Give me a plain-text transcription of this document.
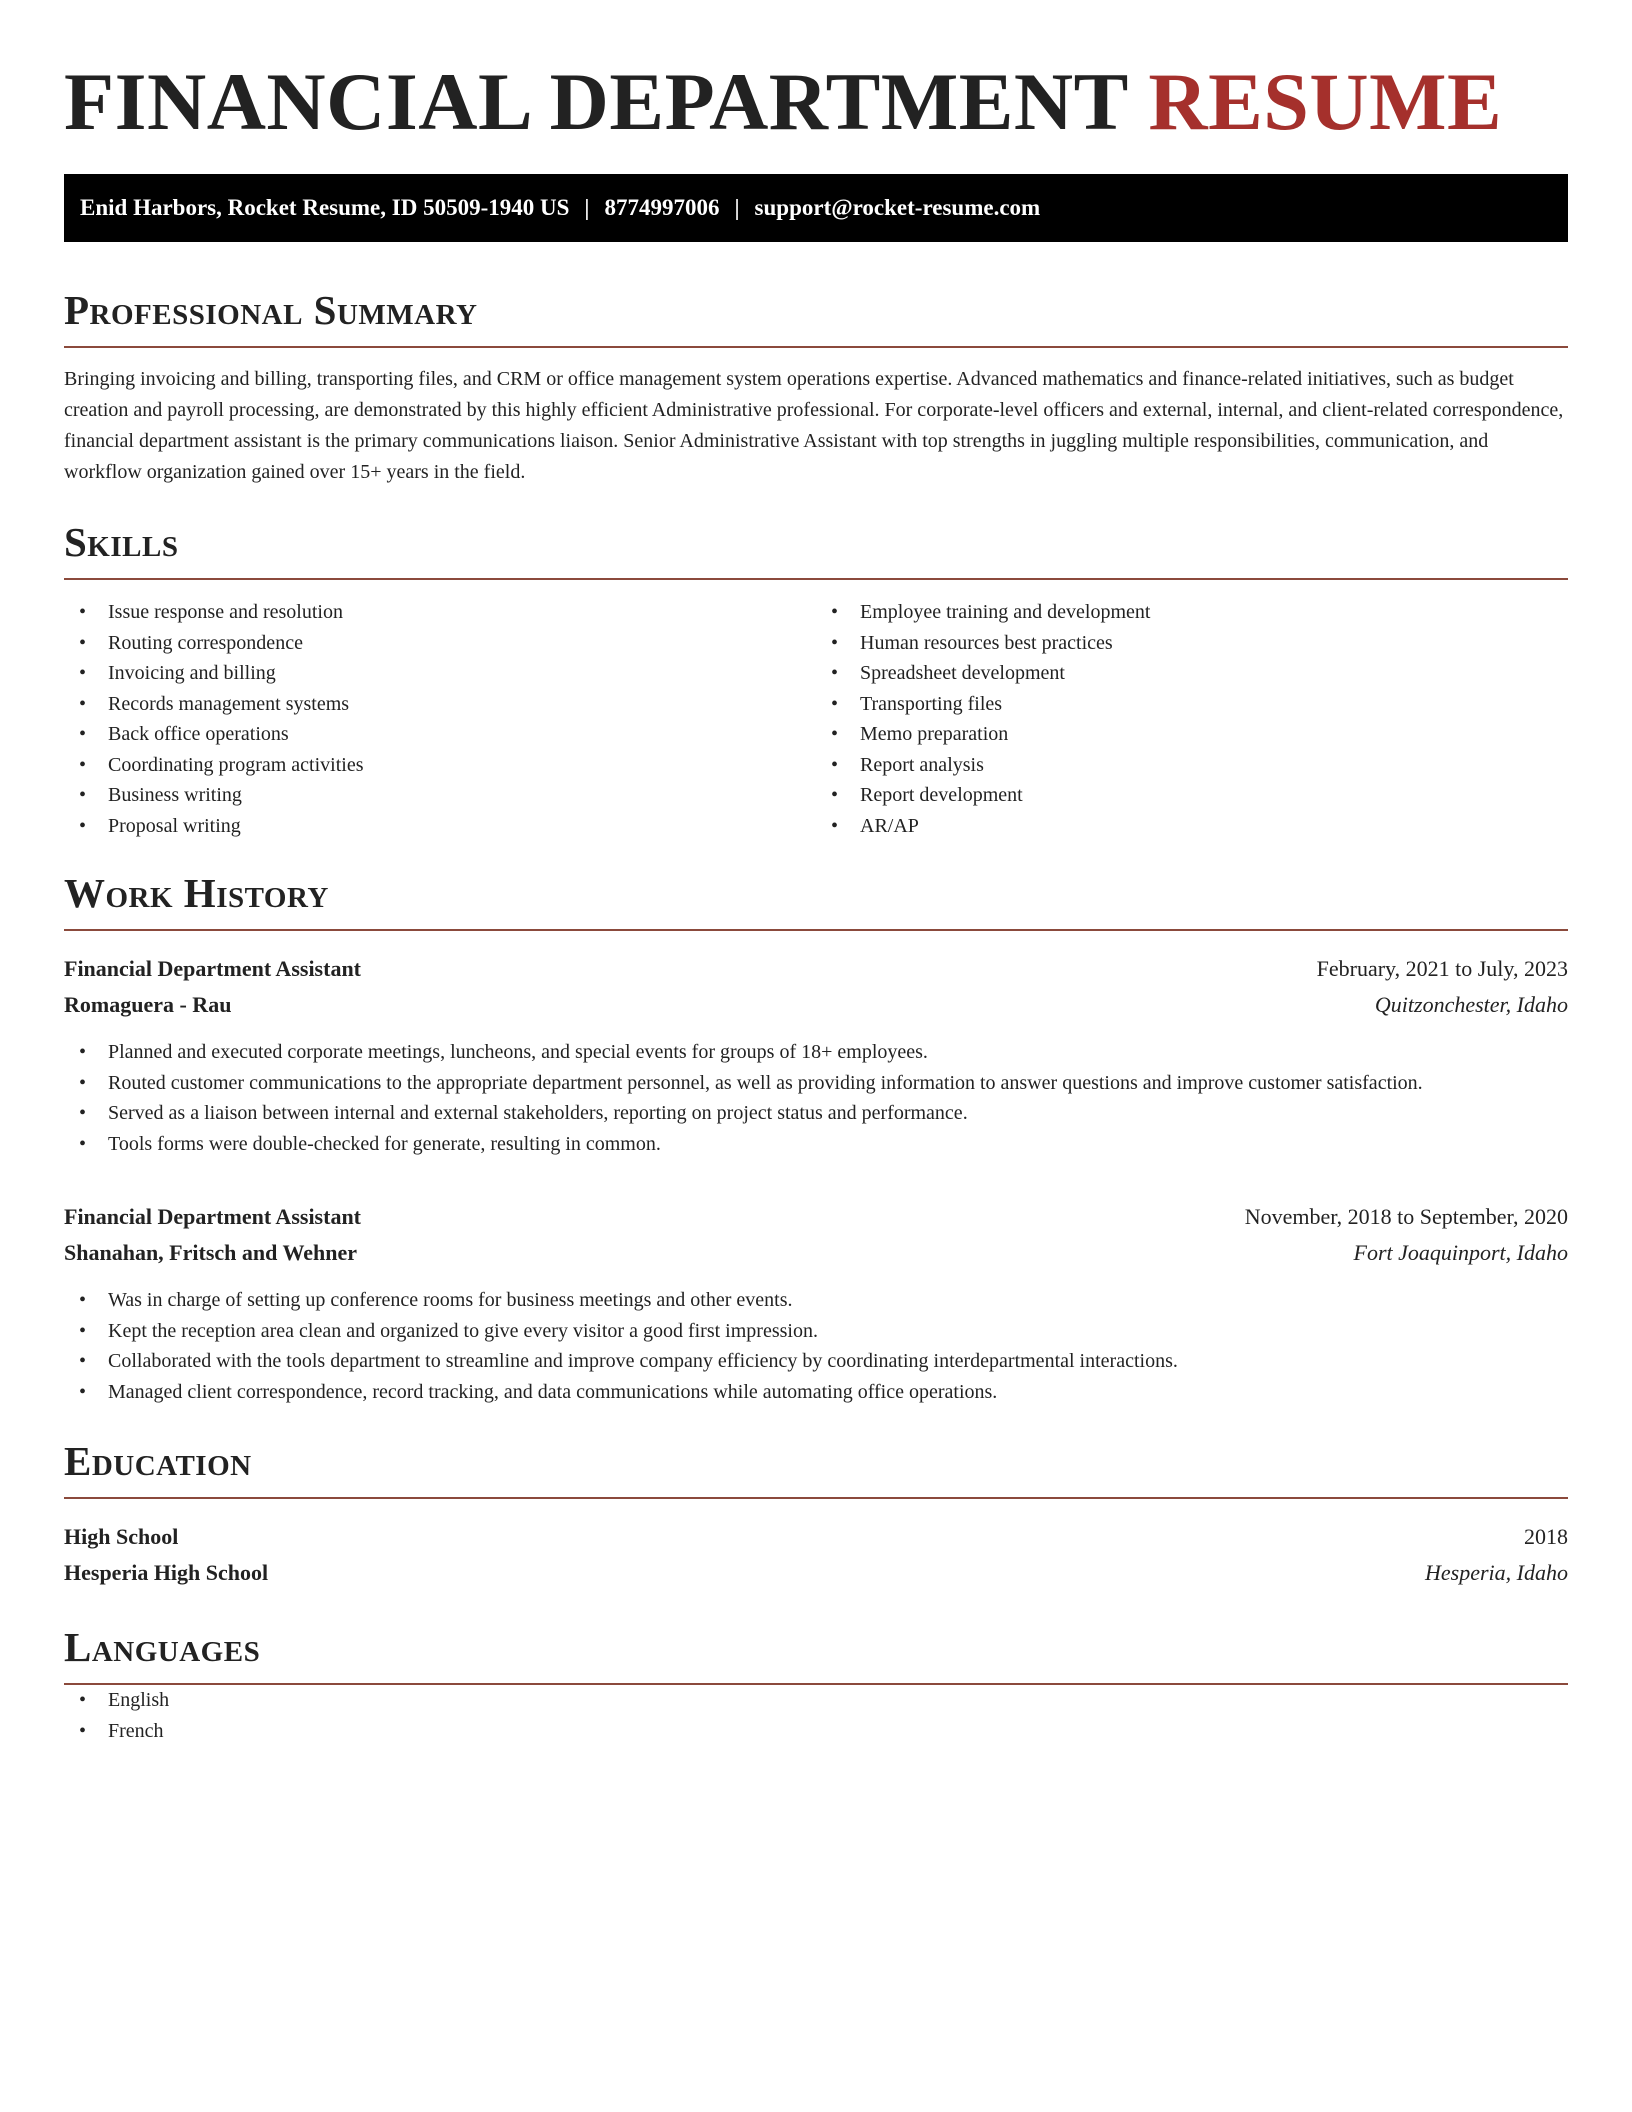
FINANCIAL DEPARTMENT RESUME
Enid Harbors, Rocket Resume, ID 50509-1940 US | 8774997006 | support@rocket-resume.com
Professional Summary

Bringing invoicing and billing, transporting files, and CRM or office management system operations expertise. Advanced mathematics and finance-related initiatives, such as budget creation and payroll processing, are demonstrated by this highly efficient Administrative professional. For corporate-level officers and external, internal, and client-related correspondence, financial department assistant is the primary communications liaison. Senior Administrative Assistant with top strengths in juggling multiple responsibilities, communication, and workflow organization gained over 15+ years in the field.

Skills
• Issue response and resolution
• Routing correspondence
• Invoicing and billing
• Records management systems
• Back office operations
• Coordinating program activities
• Business writing
• Proposal writing
• Employee training and development
• Human resources best practices
• Spreadsheet development
• Transporting files
• Memo preparation
• Report analysis
• Report development
• AR/AP
Work History
Financial Department Assistant	February, 2021 to July, 2023
Romaguera - Rau	Quitzonchester, Idaho
• Planned and executed corporate meetings, luncheons, and special events for groups of 18+ employees.
• Routed customer communications to the appropriate department personnel, as well as providing information to answer questions and improve customer satisfaction.
• Served as a liaison between internal and external stakeholders, reporting on project status and performance.
• Tools forms were double-checked for generate, resulting in common.
Financial Department Assistant	November, 2018 to September, 2020
Shanahan, Fritsch and Wehner	Fort Joaquinport, Idaho
• Was in charge of setting up conference rooms for business meetings and other events.
• Kept the reception area clean and organized to give every visitor a good first impression.
• Collaborated with the tools department to streamline and improve company efficiency by coordinating interdepartmental interactions.
• Managed client correspondence, record tracking, and data communications while automating office operations.
Education
High School	2018
Hesperia High School	Hesperia, Idaho
Languages
• English
• French
